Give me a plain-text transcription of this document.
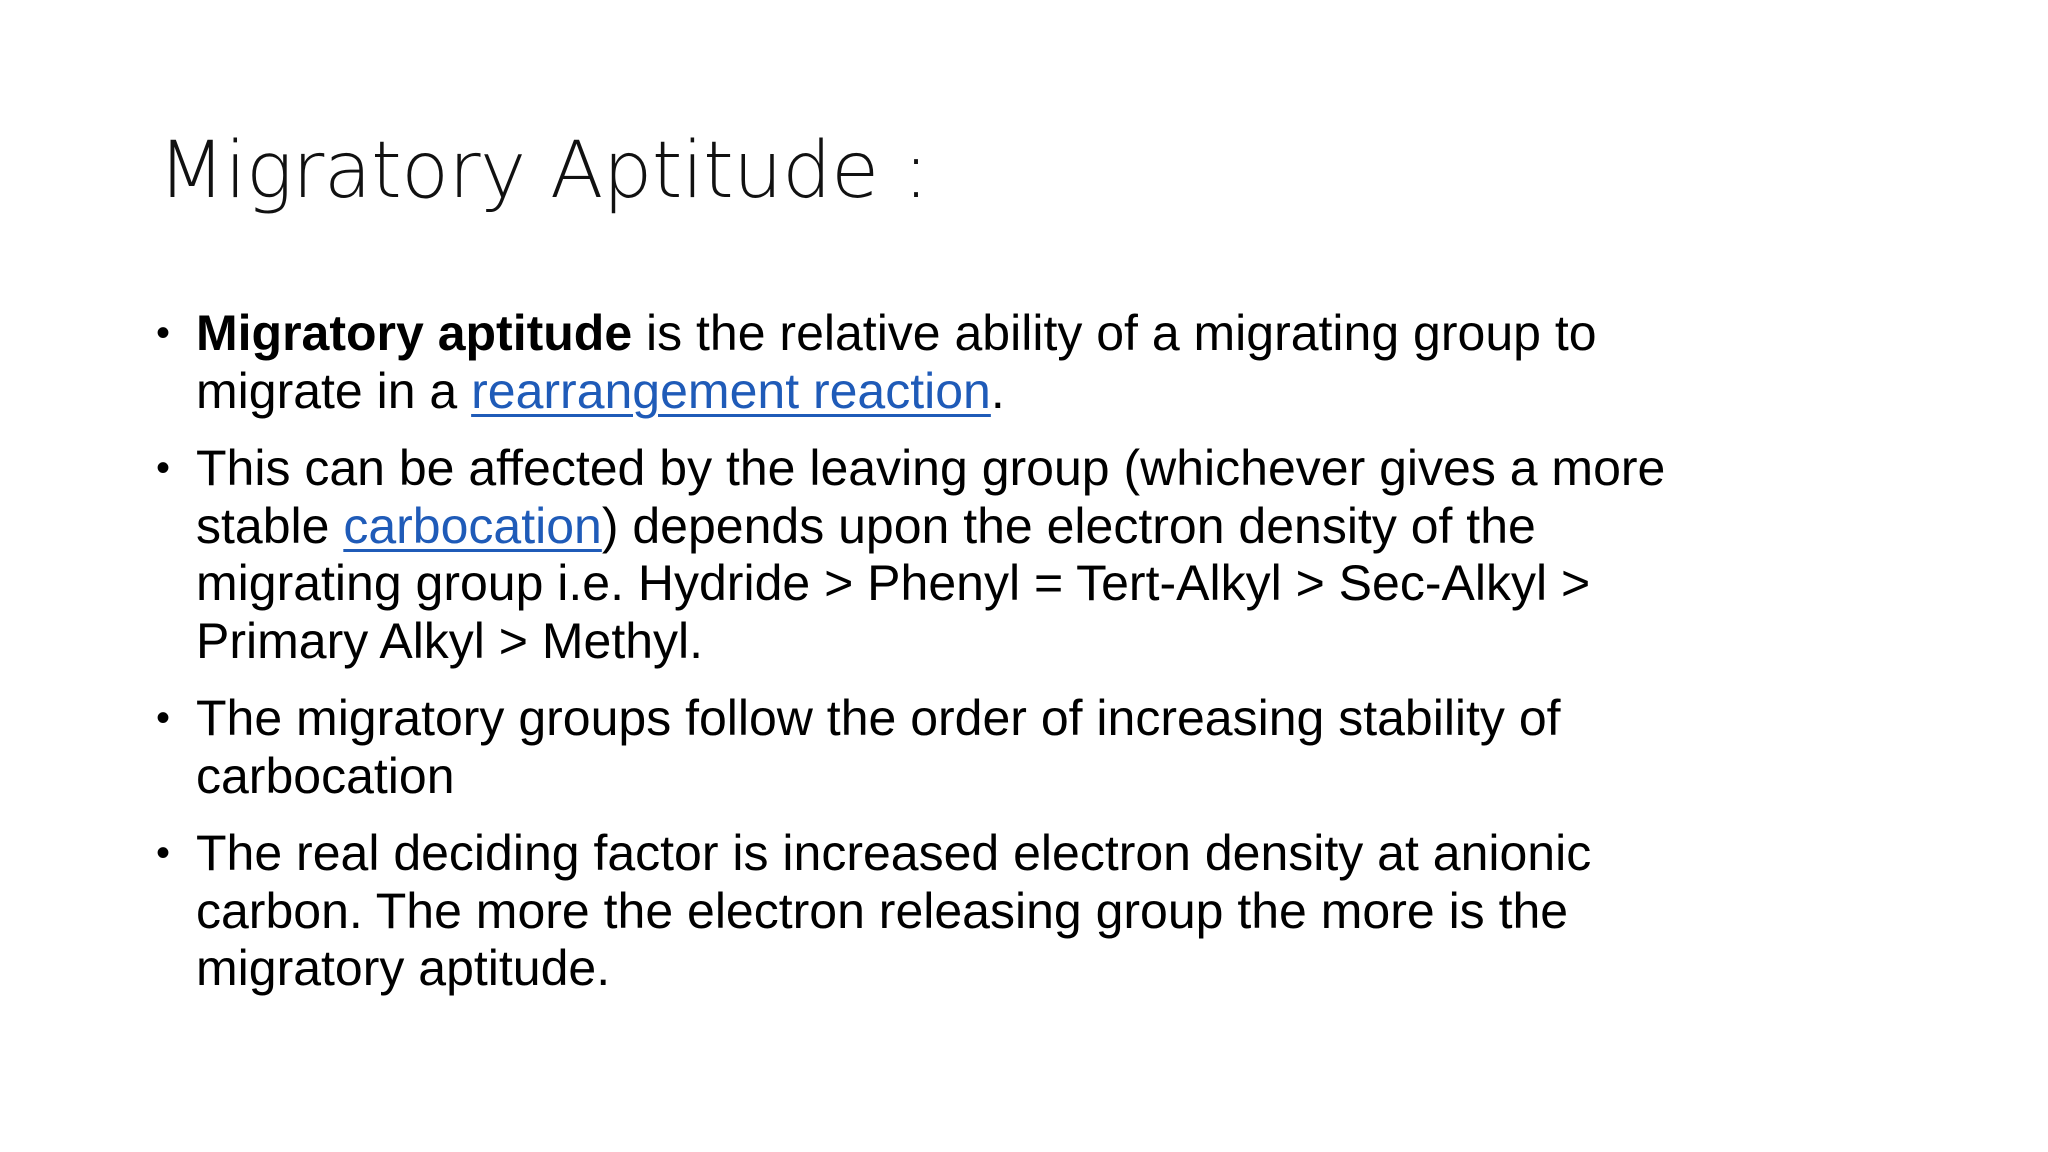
Migratory Aptitude :
• Migratory aptitude is the relative ability of a migrating group to
migrate in a rearrangement reaction.
• This can be affected by the leaving group (whichever gives a more
stable carbocation) depends upon the electron density of the
migrating group i.e. Hydride > Phenyl = Tert-Alkyl > Sec-Alkyl >
Primary Alkyl > Methyl.
• The migratory groups follow the order of increasing stability of
carbocation
• The real deciding factor is increased electron density at anionic
carbon. The more the electron releasing group the more is the
migratory aptitude.
